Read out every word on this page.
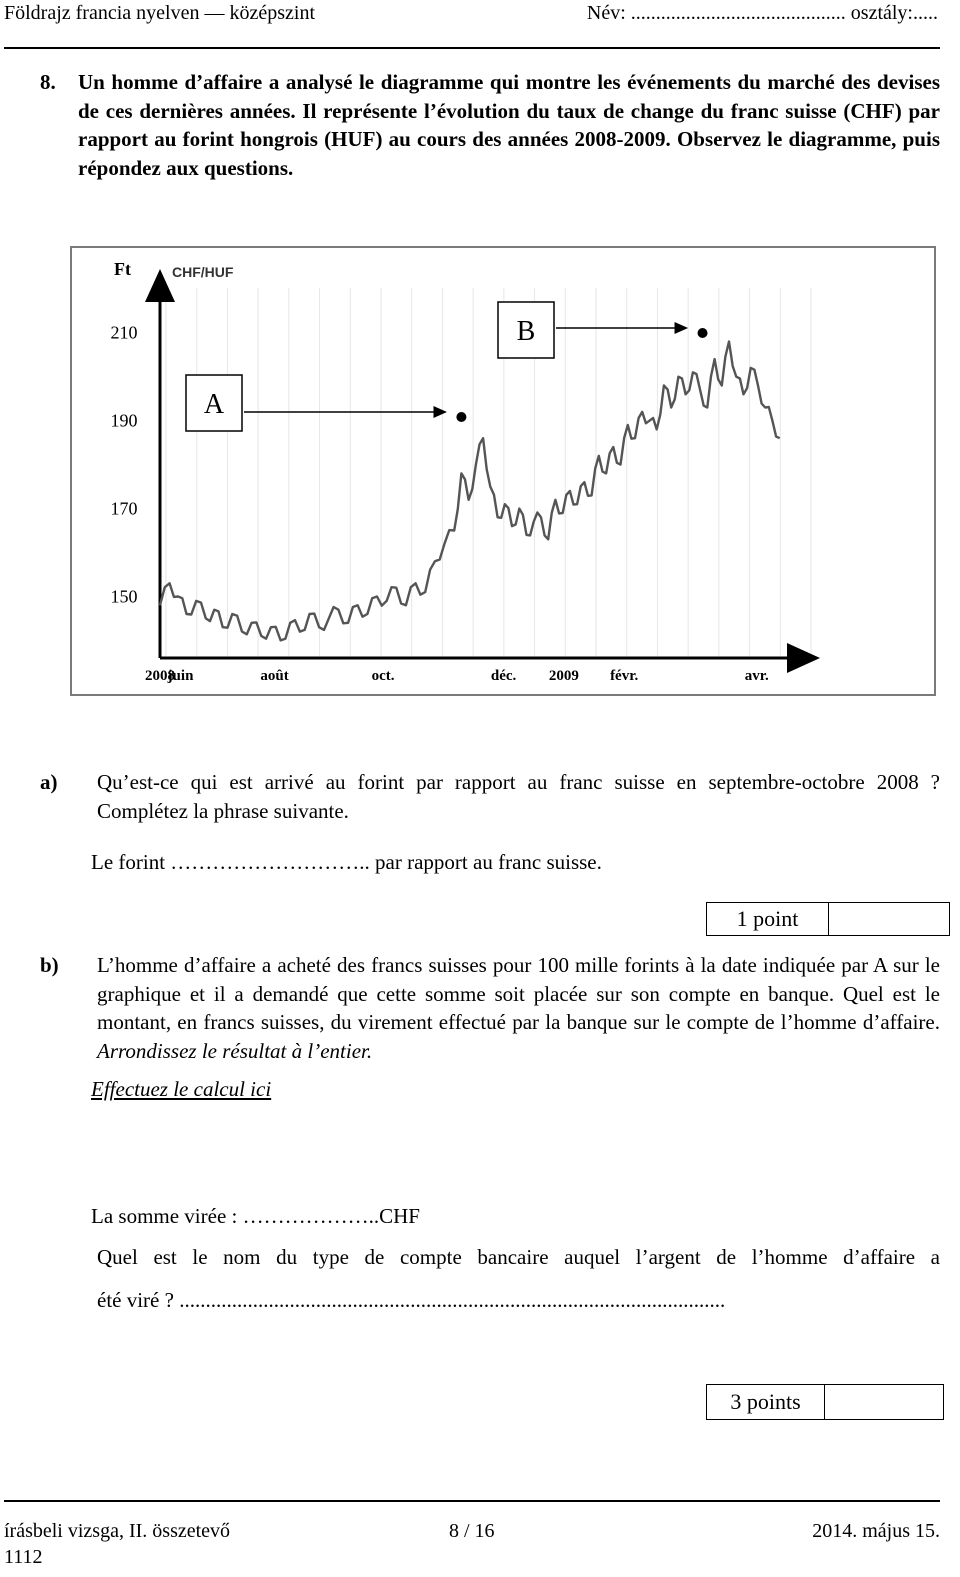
Földrajz francia nyelven — középszint	Név: ........................................... osztály:.....
8. Un homme d’affaire a analysé le diagramme qui montre les événements du marché des devises de ces dernières années. Il représente l’évolution du taux de change du franc suisse (CHF) par rapport au forint hongrois (HUF) au cours des années 2008-2009. Observez le diagramme, puis répondez aux questions.
210
190
170
150
2008
juin	août	oct.	déc. 2009 févr.	avr.
A
B
Ft	CHF/HUF
a) Qu’est-ce qui est arrivé au forint par rapport au franc suisse en septembre-octobre 2008 ? Complétez la phrase suivante.
Le forint ……………………….. par rapport au franc suisse.
1 point
b) L’homme d’affaire a acheté des francs suisses pour 100 mille forints à la date indiquée par A sur le graphique et il a demandé que cette somme soit placée sur son compte en banque. Quel est le montant, en francs suisses, du virement effectué par la banque sur le compte de l’homme d’affaire. Arrondissez le résultat à l’entier.
Effectuez le calcul ici
La somme virée : ………………..CHF
Quel est le nom du type de compte bancaire auquel l’argent de l’homme d’affaire a
été viré ? ........................................................................................................
3 points
írásbeli vizsga, II. összetevő
1112
8 / 16	2014. május 15.
